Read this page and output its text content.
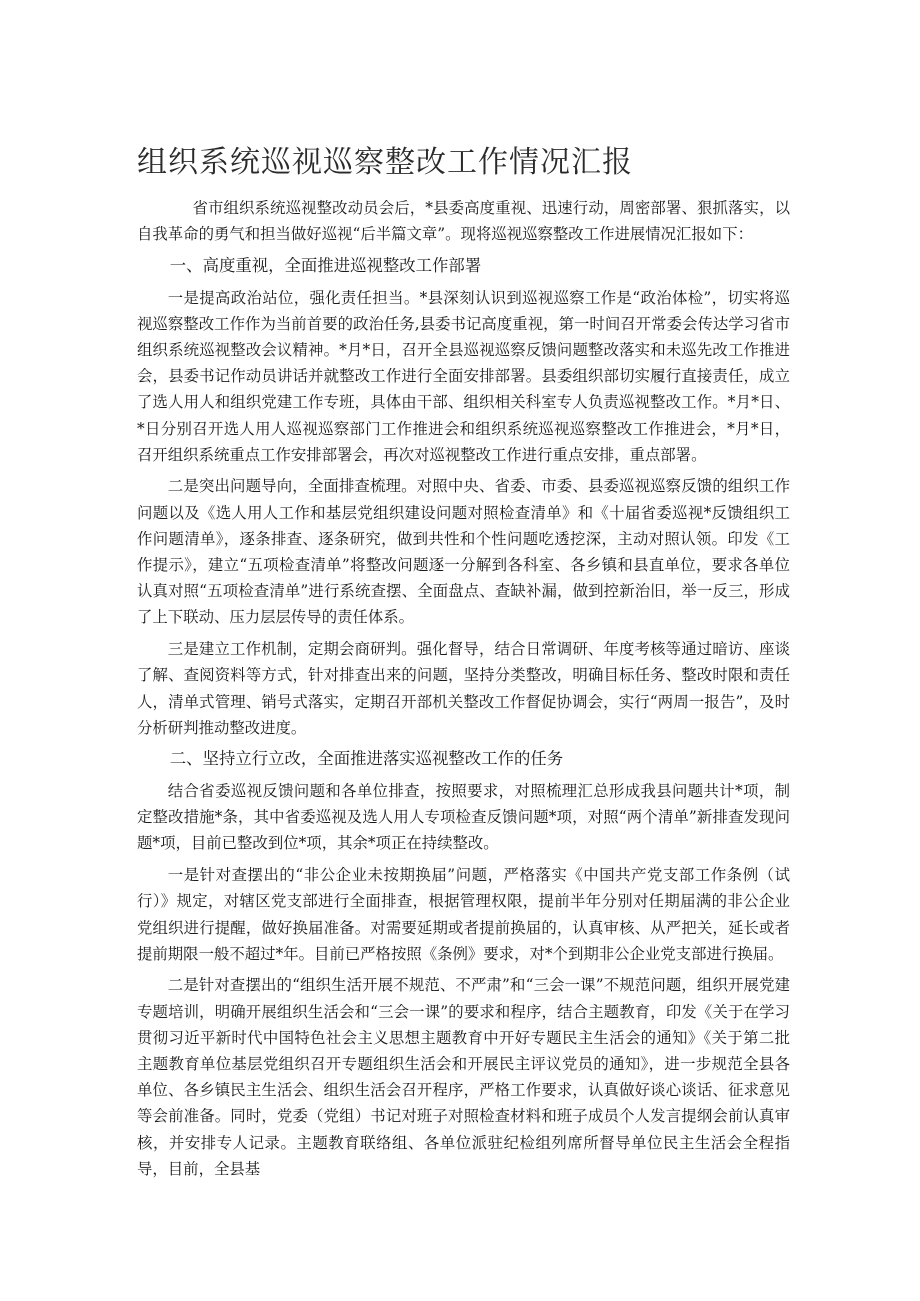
组织系统巡视巡察整改工作情况汇报

省市组织系统巡视整改动员会后，*县委高度重视、迅速行动，周密部署、狠抓落实，以自我革命的勇气和担当做好巡视“后半篇文章”。现将巡视巡察整改工作进展情况汇报如下：

一、高度重视，全面推进巡视整改工作部署

一是提高政治站位，强化责任担当。*县深刻认识到巡视巡察工作是“政治体检”，切实将巡视巡察整改工作作为当前首要的政治任务,县委书记高度重视，第一时间召开常委会传达学习省市组织系统巡视整改会议精神。*月*日，召开全县巡视巡察反馈问题整改落实和未巡先改工作推进会，县委书记作动员讲话并就整改工作进行全面安排部署。县委组织部切实履行直接责任，成立了选人用人和组织党建工作专班，具体由干部、组织相关科室专人负责巡视整改工作。*月*日、*日分别召开选人用人巡视巡察部门工作推进会和组织系统巡视巡察整改工作推进会，*月*日，召开组织系统重点工作安排部署会，再次对巡视整改工作进行重点安排，重点部署。

二是突出问题导向，全面排查梳理。对照中央、省委、市委、县委巡视巡察反馈的组织工作问题以及《选人用人工作和基层党组织建设问题对照检查清单》和《十届省委巡视*反馈组织工作问题清单》，逐条排查、逐条研究，做到共性和个性问题吃透挖深，主动对照认领。印发《工作提示》，建立“五项检查清单”将整改问题逐一分解到各科室、各乡镇和县直单位，要求各单位认真对照“五项检查清单”进行系统查摆、全面盘点、查缺补漏，做到控新治旧，举一反三，形成了上下联动、压力层层传导的责任体系。

三是建立工作机制，定期会商研判。强化督导，结合日常调研、年度考核等通过暗访、座谈了解、查阅资料等方式，针对排查出来的问题，坚持分类整改，明确目标任务、整改时限和责任人，清单式管理、销号式落实，定期召开部机关整改工作督促协调会，实行“两周一报告”，及时分析研判推动整改进度。

二、坚持立行立改，全面推进落实巡视整改工作的任务

结合省委巡视反馈问题和各单位排查，按照要求，对照梳理汇总形成我县问题共计*项，制定整改措施*条，其中省委巡视及选人用人专项检查反馈问题*项，对照“两个清单”新排查发现问题*项，目前已整改到位*项，其余*项正在持续整改。

一是针对查摆出的“非公企业未按期换届”问题，严格落实《中国共产党支部工作条例（试行）》规定，对辖区党支部进行全面排查，根据管理权限，提前半年分别对任期届满的非公企业党组织进行提醒，做好换届准备。对需要延期或者提前换届的，认真审核、从严把关，延长或者提前期限一般不超过*年。目前已严格按照《条例》要求，对*个到期非公企业党支部进行换届。

二是针对查摆出的“组织生活开展不规范、不严肃”和“三会一课”不规范问题，组织开展党建专题培训，明确开展组织生活会和“三会一课”的要求和程序，结合主题教育，印发《关于在学习贯彻习近平新时代中国特色社会主义思想主题教育中开好专题民主生活会的通知》《关于第二批主题教育单位基层党组织召开专题组织生活会和开展民主评议党员的通知》，进一步规范全县各单位、各乡镇民主生活会、组织生活会召开程序，严格工作要求，认真做好谈心谈话、征求意见等会前准备。同时，党委（党组）书记对班子对照检查材料和班子成员个人发言提纲会前认真审核，并安排专人记录。主题教育联络组、各单位派驻纪检组列席所督导单位民主生活会全程指导，目前，全县基
